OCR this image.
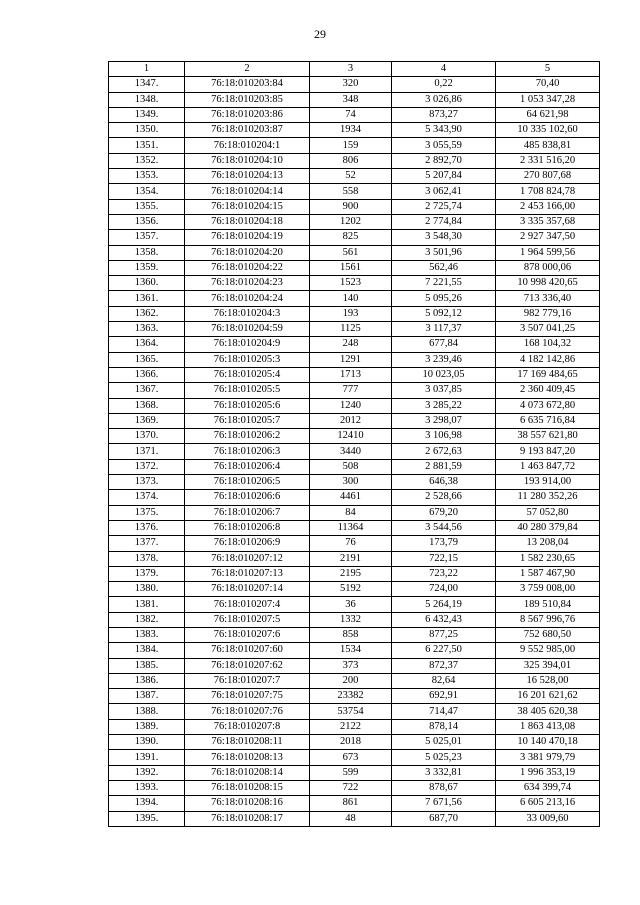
29
1	2	3	4	5
1347.	76:18:010203:84	320	0,22	70,40
1348.	76:18:010203:85	348	3 026,86	1 053 347,28
1349.	76:18:010203:86	74	873,27	64 621,98
1350.	76:18:010203:87	1934	5 343,90	10 335 102,60
1351.	76:18:010204:1	159	3 055,59	485 838,81
1352.	76:18:010204:10	806	2 892,70	2 331 516,20
1353.	76:18:010204:13	52	5 207,84	270 807,68
1354.	76:18:010204:14	558	3 062,41	1 708 824,78
1355.	76:18:010204:15	900	2 725,74	2 453 166,00
1356.	76:18:010204:18	1202	2 774,84	3 335 357,68
1357.	76:18:010204:19	825	3 548,30	2 927 347,50
1358.	76:18:010204:20	561	3 501,96	1 964 599,56
1359.	76:18:010204:22	1561	562,46	878 000,06
1360.	76:18:010204:23	1523	7 221,55	10 998 420,65
1361.	76:18:010204:24	140	5 095,26	713 336,40
1362.	76:18:010204:3	193	5 092,12	982 779,16
1363.	76:18:010204:59	1125	3 117,37	3 507 041,25
1364.	76:18:010204:9	248	677,84	168 104,32
1365.	76:18:010205:3	1291	3 239,46	4 182 142,86
1366.	76:18:010205:4	1713	10 023,05	17 169 484,65
1367.	76:18:010205:5	777	3 037,85	2 360 409,45
1368.	76:18:010205:6	1240	3 285,22	4 073 672,80
1369.	76:18:010205:7	2012	3 298,07	6 635 716,84
1370.	76:18:010206:2	12410	3 106,98	38 557 621,80
1371.	76:18:010206:3	3440	2 672,63	9 193 847,20
1372.	76:18:010206:4	508	2 881,59	1 463 847,72
1373.	76:18:010206:5	300	646,38	193 914,00
1374.	76:18:010206:6	4461	2 528,66	11 280 352,26
1375.	76:18:010206:7	84	679,20	57 052,80
1376.	76:18:010206:8	11364	3 544,56	40 280 379,84
1377.	76:18:010206:9	76	173,79	13 208,04
1378.	76:18:010207:12	2191	722,15	1 582 230,65
1379.	76:18:010207:13	2195	723,22	1 587 467,90
1380.	76:18:010207:14	5192	724,00	3 759 008,00
1381.	76:18:010207:4	36	5 264,19	189 510,84
1382.	76:18:010207:5	1332	6 432,43	8 567 996,76
1383.	76:18:010207:6	858	877,25	752 680,50
1384.	76:18:010207:60	1534	6 227,50	9 552 985,00
1385.	76:18:010207:62	373	872,37	325 394,01
1386.	76:18:010207:7	200	82,64	16 528,00
1387.	76:18:010207:75	23382	692,91	16 201 621,62
1388.	76:18:010207:76	53754	714,47	38 405 620,38
1389.	76:18:010207:8	2122	878,14	1 863 413,08
1390.	76:18:010208:11	2018	5 025,01	10 140 470,18
1391.	76:18:010208:13	673	5 025,23	3 381 979,79
1392.	76:18:010208:14	599	3 332,81	1 996 353,19
1393.	76:18:010208:15	722	878,67	634 399,74
1394.	76:18:010208:16	861	7 671,56	6 605 213,16
1395.	76:18:010208:17	48	687,70	33 009,60
